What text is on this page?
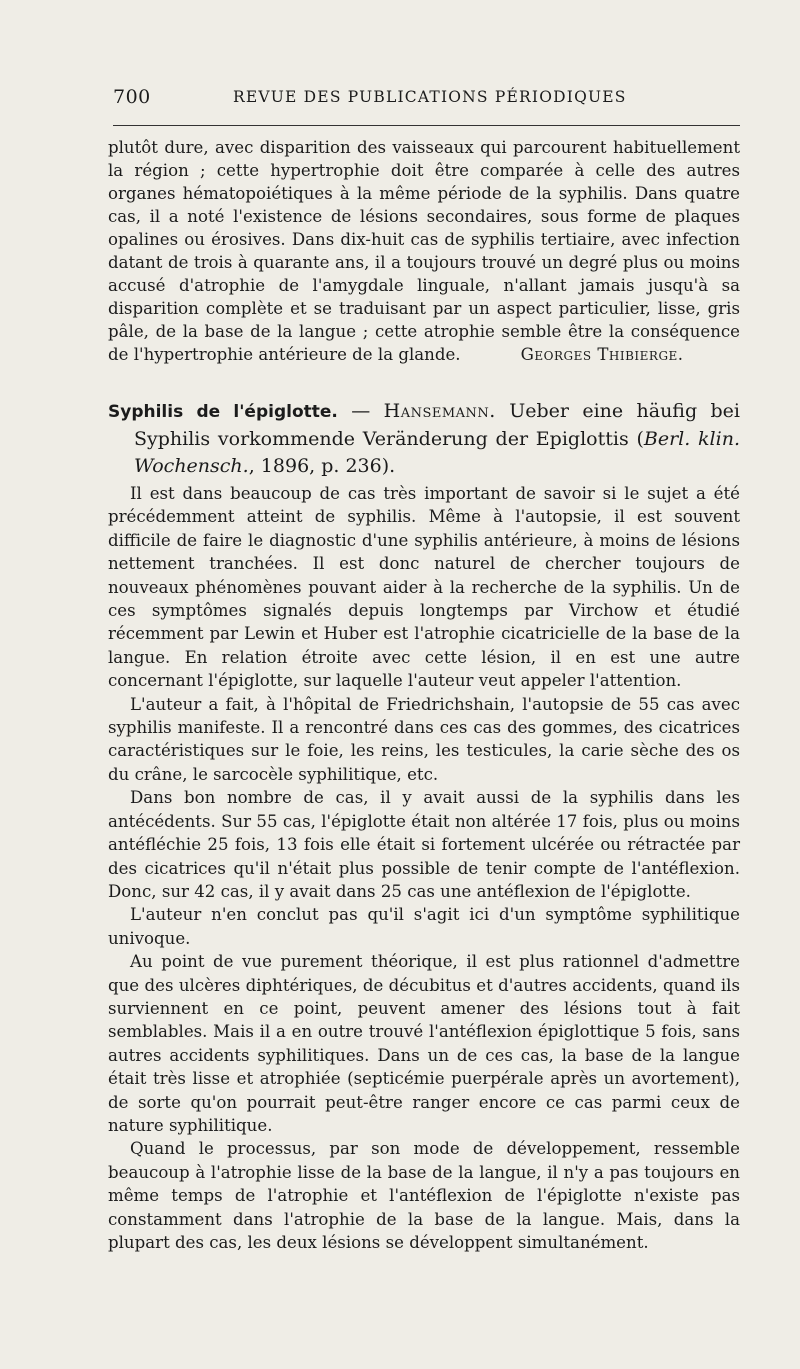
700	REVUE DES PUBLICATIONS PÉRIODIQUES

plutôt dure, avec disparition des vaisseaux qui parcourent habituellement la région ; cette hypertrophie doit être comparée à celle des autres organes hématopoiétiques à la même période de la syphilis. Dans quatre cas, il a noté l'existence de lésions secondaires, sous forme de plaques opalines ou érosives. Dans dix-huit cas de syphilis tertiaire, avec infection datant de trois à quarante ans, il a toujours trouvé un degré plus ou moins accusé d'atrophie de l'amygdale linguale, n'allant jamais jusqu'à sa disparition complète et se traduisant par un aspect particulier, lisse, gris pâle, de la base de la langue ; cette atrophie semble être la conséquence de l'hypertrophie antérieure de la glande.	Georges Thibierge.

Syphilis de l'épiglotte. — Hansemann. Ueber eine häufig bei Syphilis vorkommende Veränderung der Epiglottis (Berl. klin. Wochensch., 1896, p. 236).

Il est dans beaucoup de cas très important de savoir si le sujet a été précédemment atteint de syphilis. Même à l'autopsie, il est souvent difficile de faire le diagnostic d'une syphilis antérieure, à moins de lésions nettement tranchées. Il est donc naturel de chercher toujours de nouveaux phénomènes pouvant aider à la recherche de la syphilis. Un de ces symptômes signalés depuis longtemps par Virchow et étudié récemment par Lewin et Huber est l'atrophie cicatricielle de la base de la langue. En relation étroite avec cette lésion, il en est une autre concernant l'épiglotte, sur laquelle l'auteur veut appeler l'attention.

L'auteur a fait, à l'hôpital de Friedrichshain, l'autopsie de 55 cas avec syphilis manifeste. Il a rencontré dans ces cas des gommes, des cicatrices caractéristiques sur le foie, les reins, les testicules, la carie sèche des os du crâne, le sarcocèle syphilitique, etc.

Dans bon nombre de cas, il y avait aussi de la syphilis dans les antécédents. Sur 55 cas, l'épiglotte était non altérée 17 fois, plus ou moins antéfléchie 25 fois, 13 fois elle était si fortement ulcérée ou rétractée par des cicatrices qu'il n'était plus possible de tenir compte de l'antéflexion. Donc, sur 42 cas, il y avait dans 25 cas une antéflexion de l'épiglotte.

L'auteur n'en conclut pas qu'il s'agit ici d'un symptôme syphilitique univoque.

Au point de vue purement théorique, il est plus rationnel d'admettre que des ulcères diphtériques, de décubitus et d'autres accidents, quand ils surviennent en ce point, peuvent amener des lésions tout à fait semblables. Mais il a en outre trouvé l'antéflexion épiglottique 5 fois, sans autres accidents syphilitiques. Dans un de ces cas, la base de la langue était très lisse et atrophiée (septicémie puerpérale après un avortement), de sorte qu'on pourrait peut-être ranger encore ce cas parmi ceux de nature syphilitique.

Quand le processus, par son mode de développement, ressemble beaucoup à l'atrophie lisse de la base de la langue, il n'y a pas toujours en même temps de l'atrophie et l'antéflexion de l'épiglotte n'existe pas constamment dans l'atrophie de la base de la langue. Mais, dans la plupart des cas, les deux lésions se développent simultanément.
